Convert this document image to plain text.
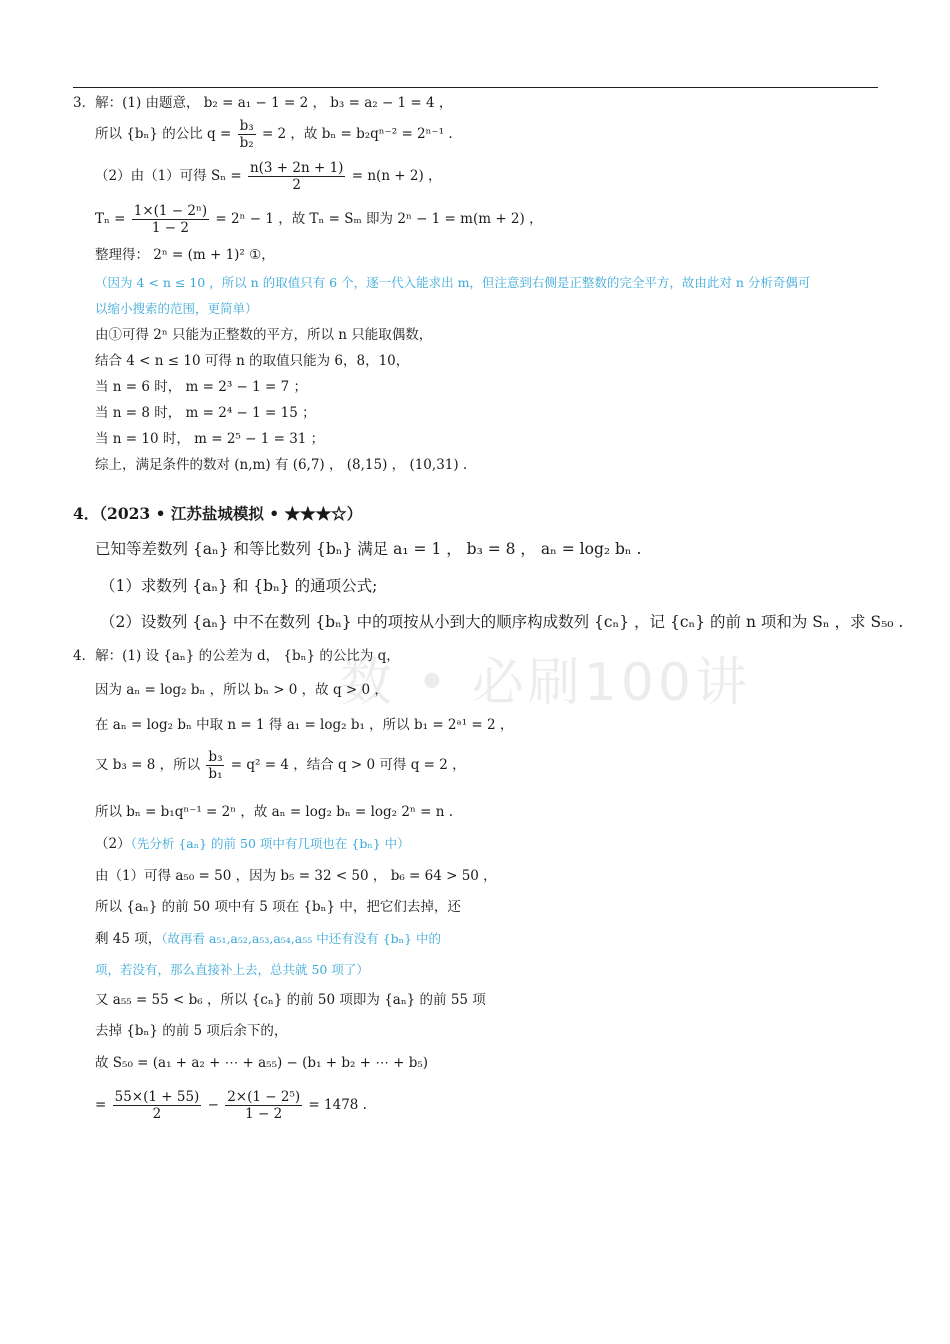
数 • 必刷100讲
3．解：(1) 由题意， b₂ = a₁ − 1 = 2 ， b₃ = a₂ − 1 = 4 ，
所以 {bₙ} 的公比 $q = \frac{\text{b₃}}{\text{b₂}} = 2$ ，故 bₙ = b₂qⁿ⁻² = 2ⁿ⁻¹ .
（2）由（1）可得 $S_n = \frac{n(3 + 2n + 1)}{2} = n(n + 2)$ ，
$T_n = \frac{\text{1×(1 − 2ⁿ)}}{1 - 2} = 2^n - 1$ ，故 Tₙ = Sₘ 即为 2ⁿ − 1 = m(m + 2) ，
整理得： 2ⁿ = (m + 1)² ①，
（因为 4 < n ≤ 10 ，所以 n 的取值只有 6 个，逐一代入能求出 m，但注意到右侧是正整数的完全平方，故由此对 n 分析奇偶可
以缩小搜索的范围，更简单）
由①可得 2ⁿ 只能为正整数的平方，所以 n 只能取偶数，
结合 4 < n ≤ 10 可得 n 的取值只能为 6，8，10，
当 n = 6 时， m = 2³ − 1 = 7 ；
当 n = 8 时， m = 2⁴ − 1 = 15 ；
当 n = 10 时， m = 2⁵ − 1 = 31 ；
综上，满足条件的数对 (n,m) 有 (6,7) ， (8,15) ， (10,31) .
4．（2023 • 江苏盐城模拟 • ★★★☆）
已知等差数列 {aₙ} 和等比数列 {bₙ} 满足 a₁ = 1 ， b₃ = 8 ， aₙ = log₂ bₙ .
（1）求数列 {aₙ} 和 {bₙ} 的通项公式;
（2）设数列 {aₙ} 中不在数列 {bₙ} 中的项按从小到大的顺序构成数列 {cₙ} ，记 {cₙ} 的前 n 项和为 Sₙ ，求 S₅₀ .
4．解：(1) 设 {aₙ} 的公差为 d， {bₙ} 的公比为 q，
因为 aₙ = log₂ bₙ ，所以 bₙ > 0 ，故 q > 0 ，
在 aₙ = log₂ bₙ 中取 n = 1 得 a₁ = log₂ b₁ ，所以 b₁ = 2ᵃ¹ = 2 ，
又 b₃ = 8 ，所以 $\frac{\text{b₃}}{\text{b₁}} = q^2 = 4$ ，结合 q > 0 可得 q = 2 ，
所以 bₙ = b₁qⁿ⁻¹ = 2ⁿ ，故 aₙ = log₂ bₙ = log₂ 2ⁿ = n .
（2）（先分析 {aₙ} 的前 50 项中有几项也在 {bₙ} 中）
由（1）可得 a₅₀ = 50 ，因为 b₅ = 32 < 50 ， b₆ = 64 > 50 ，
所以 {aₙ} 的前 50 项中有 5 项在 {bₙ} 中，把它们去掉，还
剩 45 项，（故再看 a₅₁,a₅₂,a₅₃,a₅₄,a₅₅ 中还有没有 {bₙ} 中的
项，若没有，那么直接补上去，总共就 50 项了）
又 a₅₅ = 55 < b₆ ，所以 {cₙ} 的前 50 项即为 {aₙ} 的前 55 项
去掉 {bₙ} 的前 5 项后余下的，
故 S₅₀ = (a₁ + a₂ + ⋯ + a₅₅) − (b₁ + b₂ + ⋯ + b₅)
= $\frac{55\times(1 + 55)}{2} - \frac{\text{2×(1 − 2⁵)}}{1 - 2} = 1478$ .
